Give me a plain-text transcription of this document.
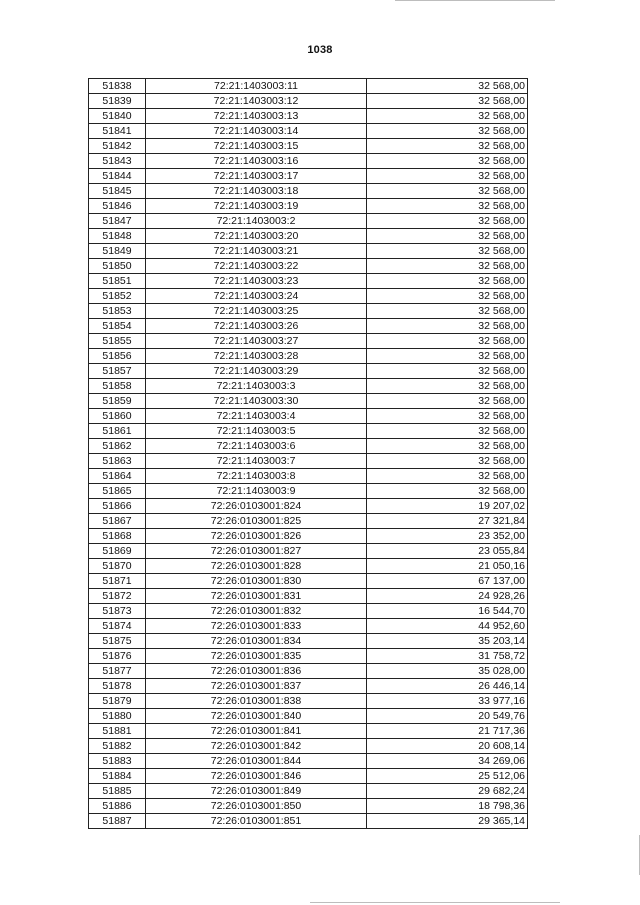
1038
51838	72:21:1403003:11	32 568,00
51839	72:21:1403003:12	32 568,00
51840	72:21:1403003:13	32 568,00
51841	72:21:1403003:14	32 568,00
51842	72:21:1403003:15	32 568,00
51843	72:21:1403003:16	32 568,00
51844	72:21:1403003:17	32 568,00
51845	72:21:1403003:18	32 568,00
51846	72:21:1403003:19	32 568,00
51847	72:21:1403003:2	32 568,00
51848	72:21:1403003:20	32 568,00
51849	72:21:1403003:21	32 568,00
51850	72:21:1403003:22	32 568,00
51851	72:21:1403003:23	32 568,00
51852	72:21:1403003:24	32 568,00
51853	72:21:1403003:25	32 568,00
51854	72:21:1403003:26	32 568,00
51855	72:21:1403003:27	32 568,00
51856	72:21:1403003:28	32 568,00
51857	72:21:1403003:29	32 568,00
51858	72:21:1403003:3	32 568,00
51859	72:21:1403003:30	32 568,00
51860	72:21:1403003:4	32 568,00
51861	72:21:1403003:5	32 568,00
51862	72:21:1403003:6	32 568,00
51863	72:21:1403003:7	32 568,00
51864	72:21:1403003:8	32 568,00
51865	72:21:1403003:9	32 568,00
51866	72:26:0103001:824	19 207,02
51867	72:26:0103001:825	27 321,84
51868	72:26:0103001:826	23 352,00
51869	72:26:0103001:827	23 055,84
51870	72:26:0103001:828	21 050,16
51871	72:26:0103001:830	67 137,00
51872	72:26:0103001:831	24 928,26
51873	72:26:0103001:832	16 544,70
51874	72:26:0103001:833	44 952,60
51875	72:26:0103001:834	35 203,14
51876	72:26:0103001:835	31 758,72
51877	72:26:0103001:836	35 028,00
51878	72:26:0103001:837	26 446,14
51879	72:26:0103001:838	33 977,16
51880	72:26:0103001:840	20 549,76
51881	72:26:0103001:841	21 717,36
51882	72:26:0103001:842	20 608,14
51883	72:26:0103001:844	34 269,06
51884	72:26:0103001:846	25 512,06
51885	72:26:0103001:849	29 682,24
51886	72:26:0103001:850	18 798,36
51887	72:26:0103001:851	29 365,14
